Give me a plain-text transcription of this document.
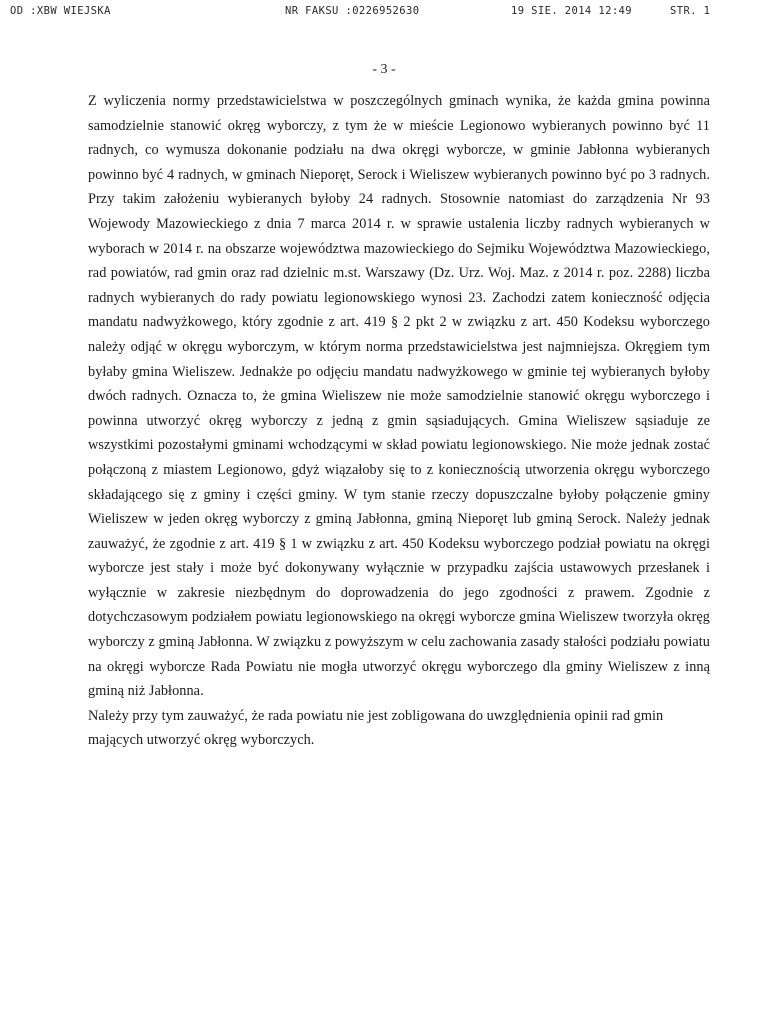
OD :XBW WIEJSKA	NR FAKSU :0226952630	19 SIE. 2014 12:49	STR. 1
- 3 -

Z wyliczenia normy przedstawicielstwa w poszczególnych gminach wynika, że każda gmina powinna samodzielnie stanowić okręg wyborczy, z tym że w mieście Legionowo wybieranych powinno być 11 radnych, co wymusza dokonanie podziału na dwa okręgi wyborcze, w gminie Jabłonna wybieranych powinno być 4 radnych, w gminach Nieporęt, Serock i Wieliszew wybieranych powinno być po 3 radnych. Przy takim założeniu wybieranych byłoby 24 radnych. Stosownie natomiast do zarządzenia Nr 93 Wojewody Mazowieckiego z dnia 7 marca 2014 r. w sprawie ustalenia liczby radnych wybieranych w wyborach w 2014 r. na obszarze województwa mazowieckiego do Sejmiku Województwa Mazowieckiego, rad powiatów, rad gmin oraz rad dzielnic m.st. Warszawy (Dz. Urz. Woj. Maz. z 2014 r. poz. 2288) liczba radnych wybieranych do rady powiatu legionowskiego wynosi 23. Zachodzi zatem konieczność odjęcia mandatu nadwyżkowego, który zgodnie z art. 419 § 2 pkt 2 w związku z art. 450 Kodeksu wyborczego należy odjąć w okręgu wyborczym, w którym norma przedstawicielstwa jest najmniejsza. Okręgiem tym byłaby gmina Wieliszew. Jednakże po odjęciu mandatu nadwyżkowego w gminie tej wybieranych byłoby dwóch radnych. Oznacza to, że gmina Wieliszew nie może samodzielnie stanowić okręgu wyborczego i powinna utworzyć okręg wyborczy z jedną z gmin sąsiadujących. Gmina Wieliszew sąsiaduje ze wszystkimi pozostałymi gminami wchodzącymi w skład powiatu legionowskiego. Nie może jednak zostać połączoną z miastem Legionowo, gdyż wiązałoby się to z koniecznością utworzenia okręgu wyborczego składającego się z gminy i części gminy. W tym stanie rzeczy dopuszczalne byłoby połączenie gminy Wieliszew w jeden okręg wyborczy z gminą Jabłonna, gminą Nieporęt lub gminą Serock. Należy jednak zauważyć, że zgodnie z art. 419 § 1 w związku z art. 450 Kodeksu wyborczego podział powiatu na okręgi wyborcze jest stały i może być dokonywany wyłącznie w przypadku zajścia ustawowych przesłanek i wyłącznie w zakresie niezbędnym do doprowadzenia do jego zgodności z prawem. Zgodnie z dotychczasowym podziałem powiatu legionowskiego na okręgi wyborcze gmina Wieliszew tworzyła okręg wyborczy z gminą Jabłonna. W związku z powyższym w celu zachowania zasady stałości podziału powiatu na okręgi wyborcze Rada Powiatu nie mogła utworzyć okręgu wyborczego dla gminy Wieliszew z inną gminą niż Jabłonna.

Należy przy tym zauważyć, że rada powiatu nie jest zobligowana do uwzględnienia opinii rad gmin mających utworzyć okręg wyborczych.
